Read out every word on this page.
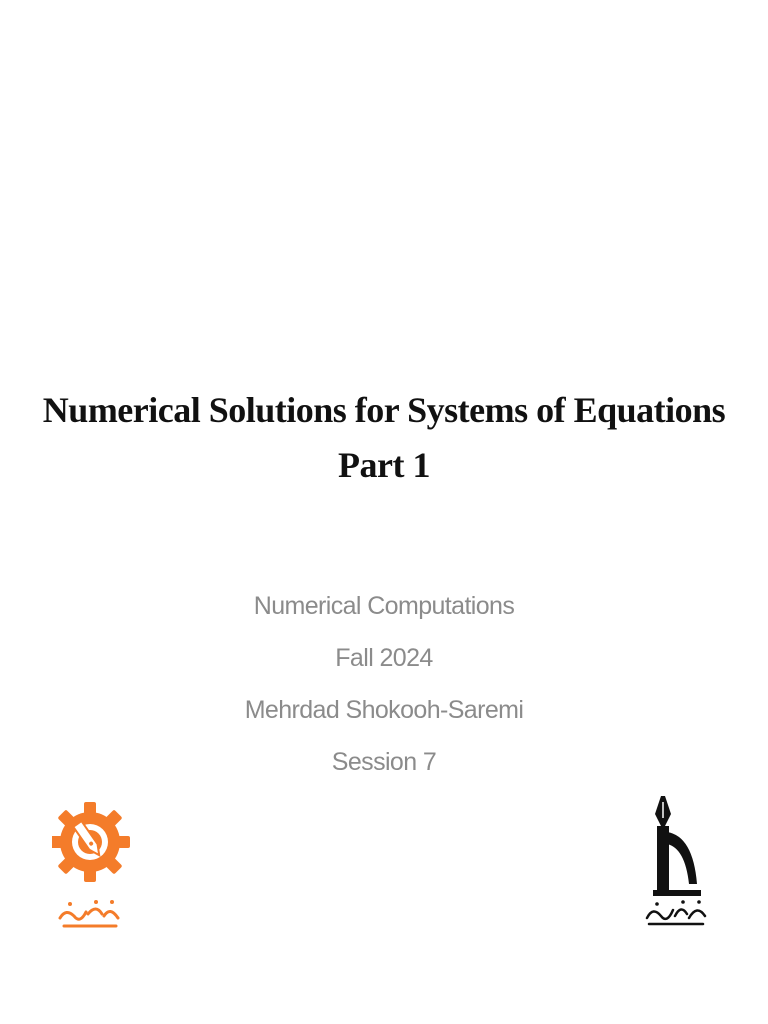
Numerical Solutions for Systems of Equations
Part 1
Numerical Computations
Fall 2024
Mehrdad Shokooh-Saremi
Session 7
